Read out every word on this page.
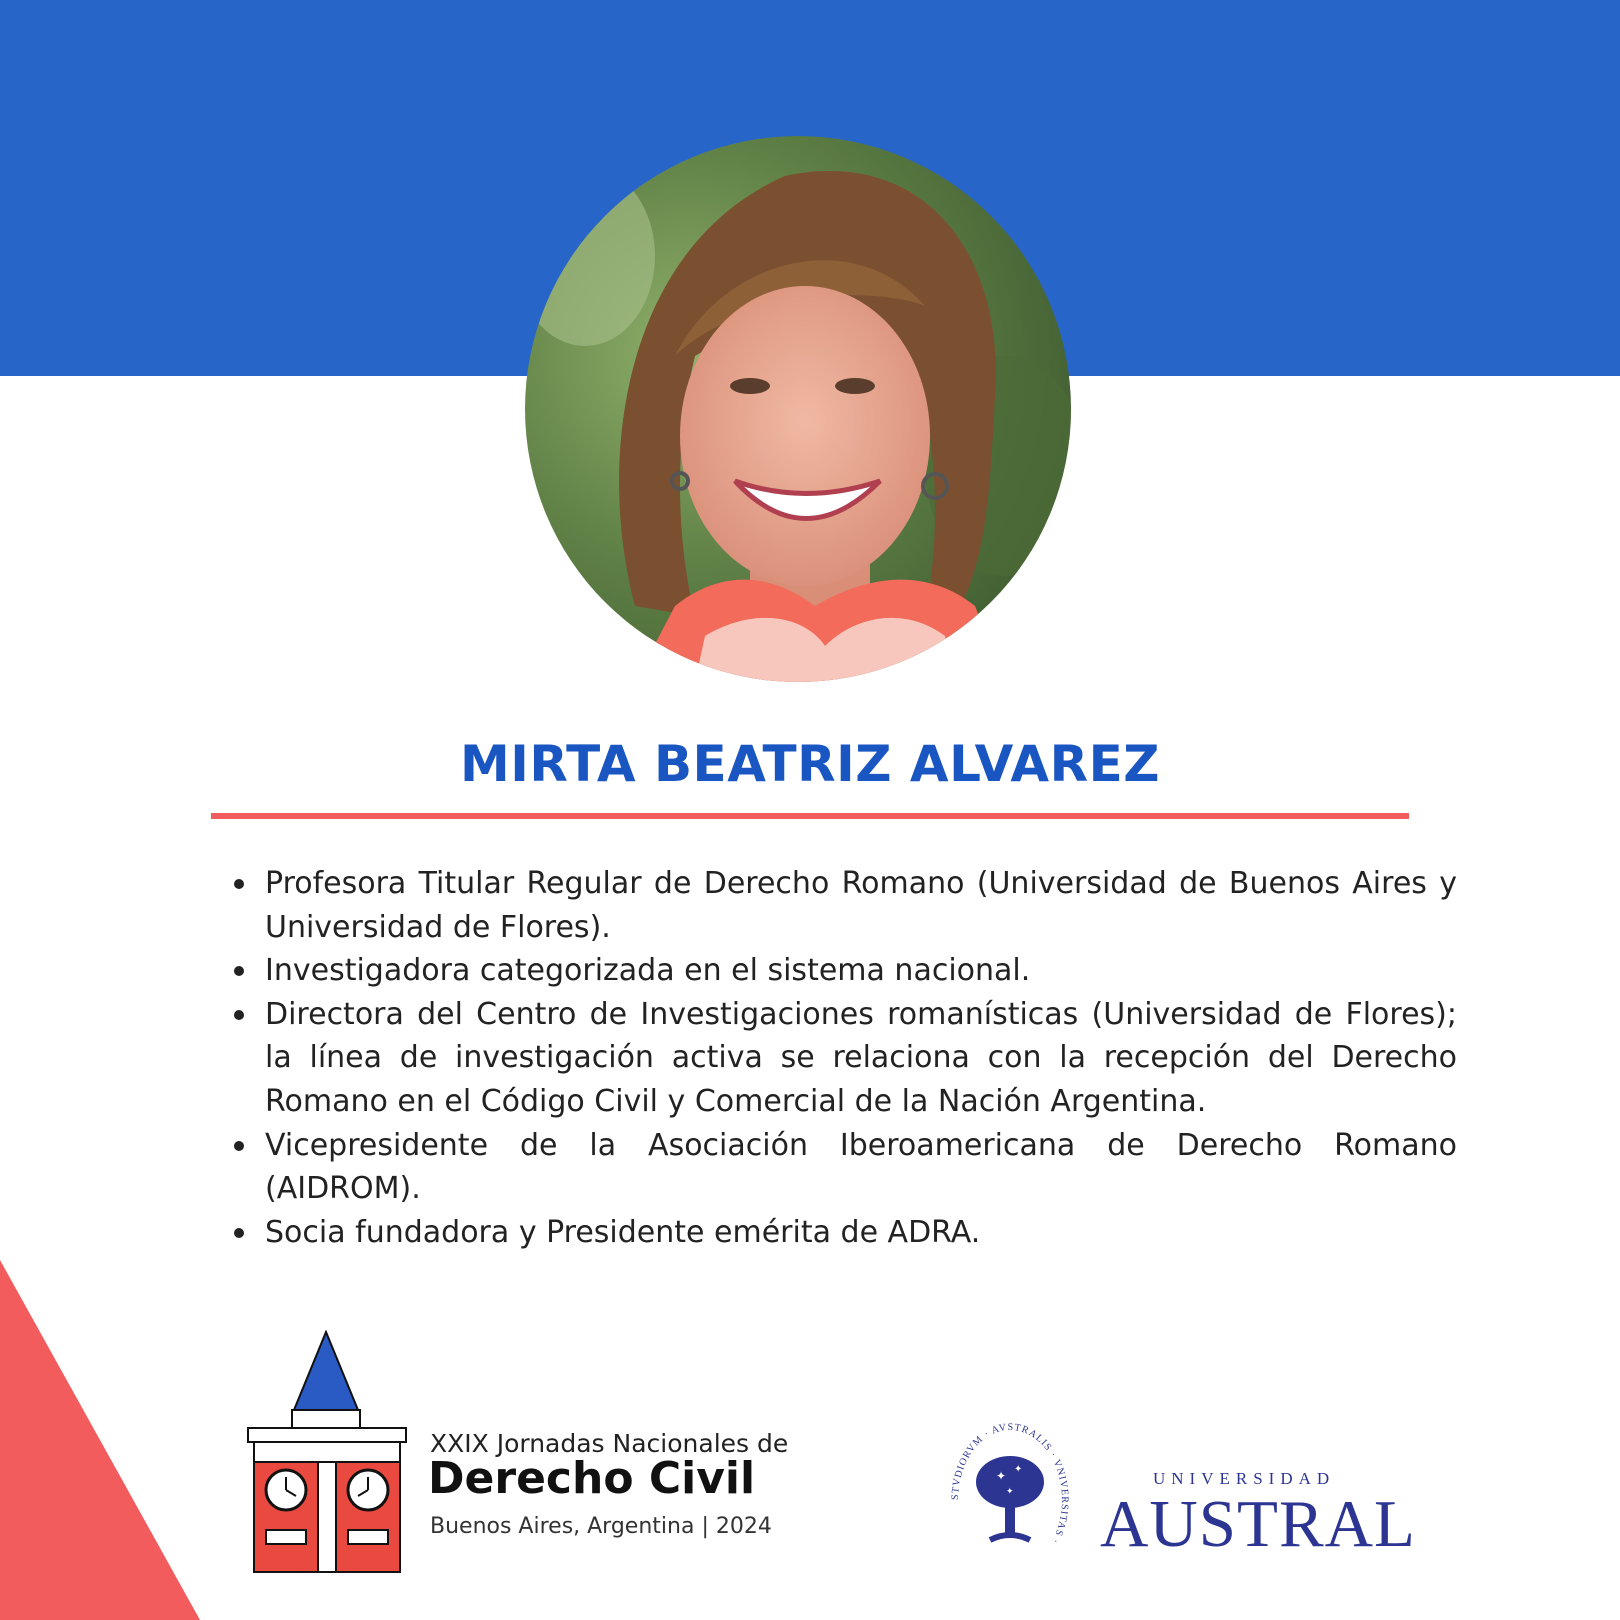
MIRTA BEATRIZ ALVAREZ
Profesora Titular Regular de Derecho Romano (Universidad de Buenos Aires y Universidad de Flores).
Investigadora categorizada en el sistema nacional.
Directora del Centro de Investigaciones romanísticas (Universidad de Flores); la línea de investigación activa se relaciona con la recepción del Derecho Romano en el Código Civil y Comercial de la Nación Argentina.
Vicepresidente de la Asociación Iberoamericana de Derecho Romano (AIDROM).
Socia fundadora y Presidente emérita de ADRA.
XXIX Jornadas Nacionales de
Derecho Civil
Buenos Aires, Argentina | 2024
STVDIORVM · AVSTRALIS · VNIVERSITAS ·
✦ ✦
✦
UNIVERSIDAD
AUSTRAL
